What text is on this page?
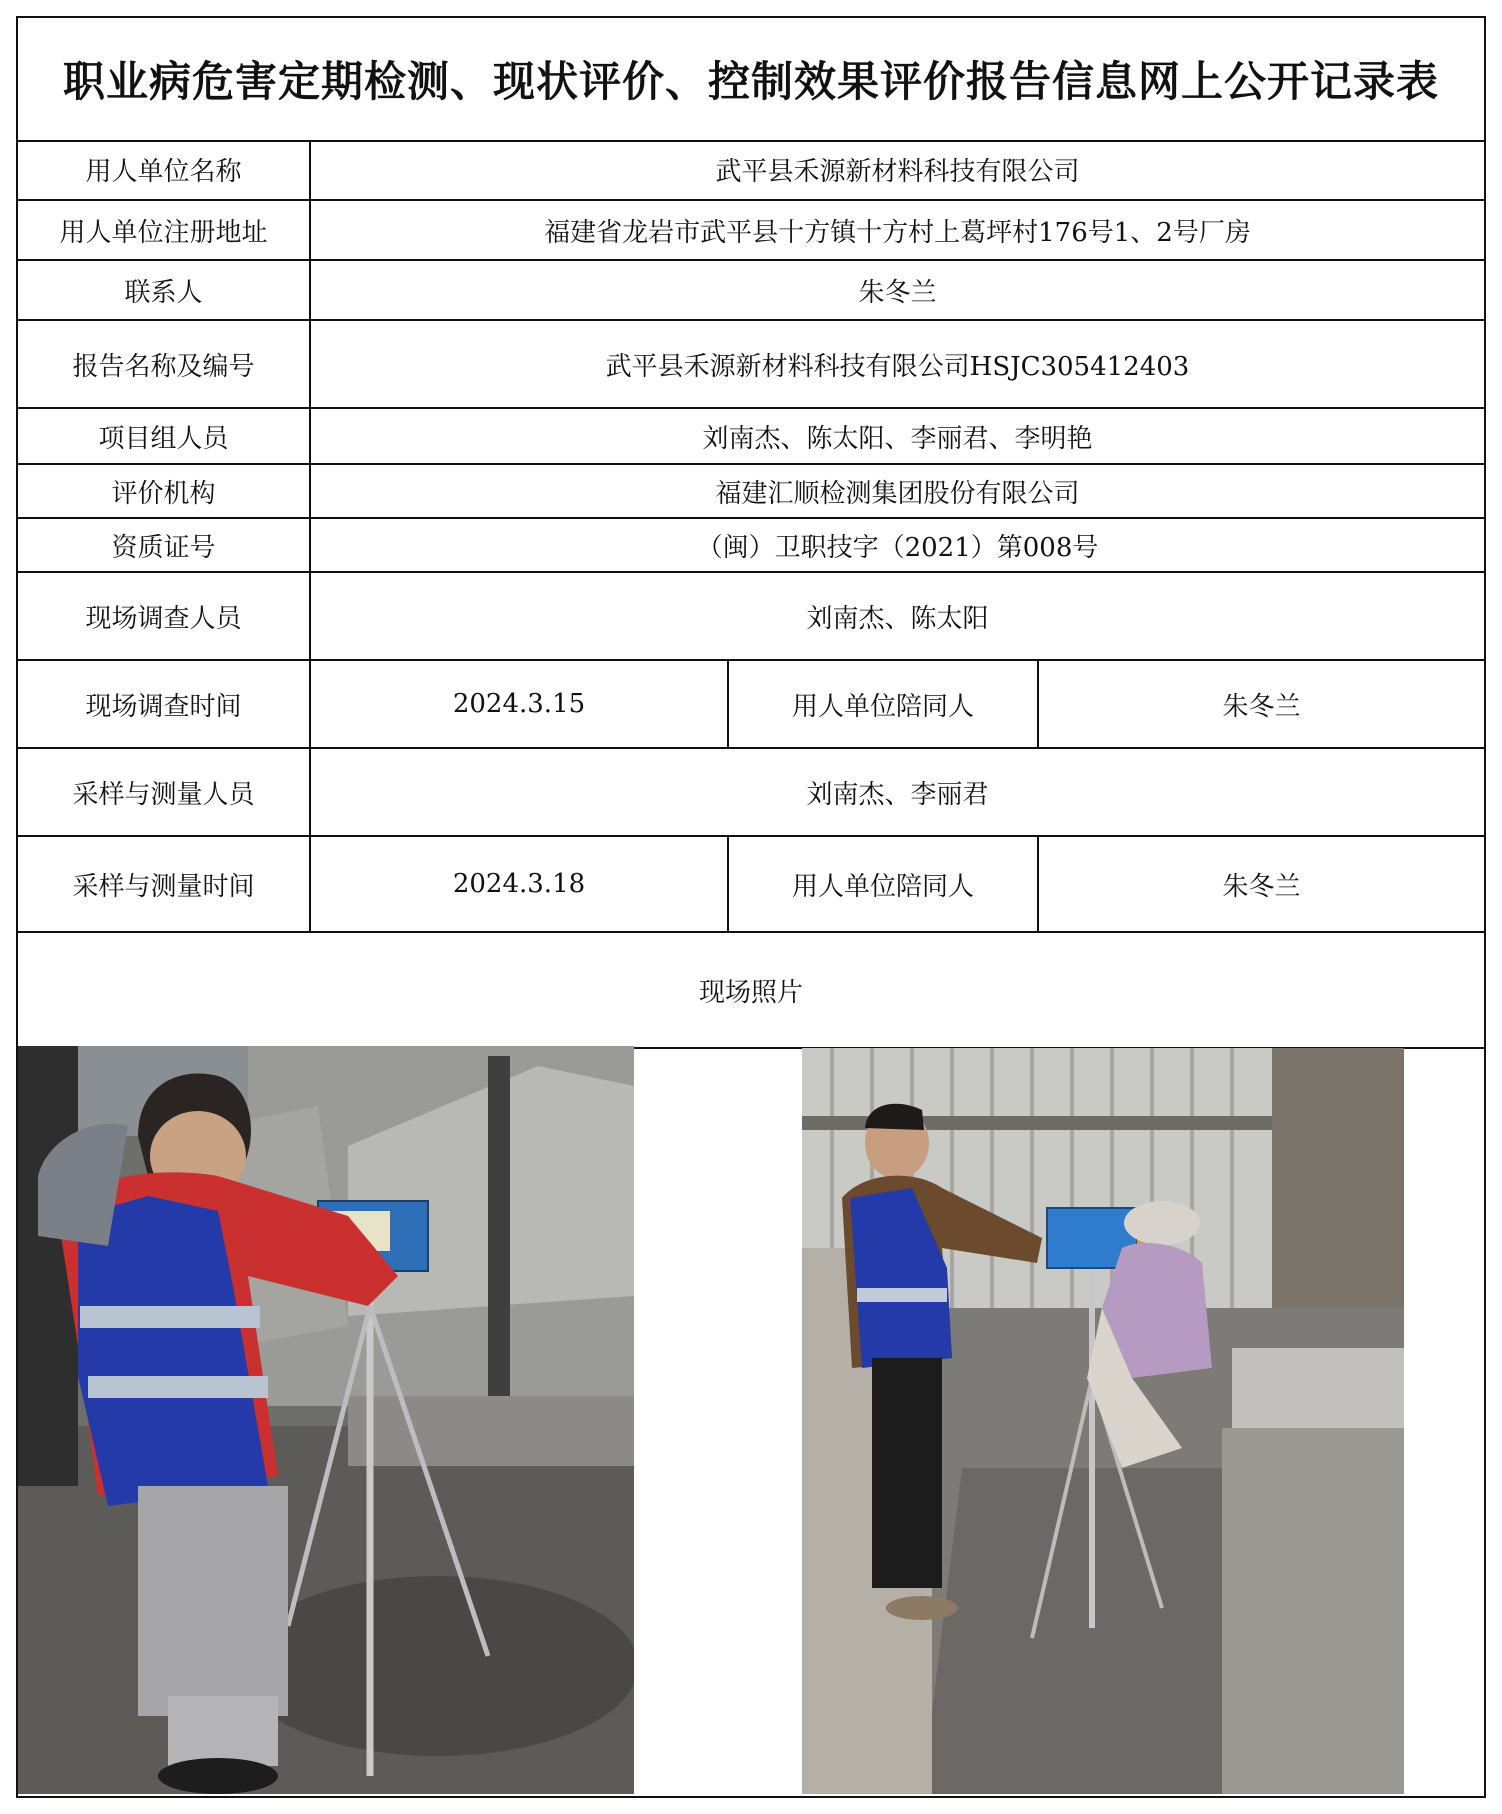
职业病危害定期检测、现状评价、控制效果评价报告信息网上公开记录表
用人单位名称	武平县禾源新材料科技有限公司		
用人单位注册地址	福建省龙岩市武平县十方镇十方村上葛坪村176号1、2号厂房		
联系人	朱冬兰		
报告名称及编号	武平县禾源新材料科技有限公司HSJC305412403		
项目组人员	刘南杰、陈太阳、李丽君、李明艳		
评价机构	福建汇顺检测集团股份有限公司		
资质证号	（闽）卫职技字（2021）第008号		
现场调查人员	刘南杰、陈太阳		
现场调查时间	2024.3.15	用人单位陪同人	朱冬兰
采样与测量人员	刘南杰、李丽君		
采样与测量时间	2024.3.18	用人单位陪同人	朱冬兰
现场照片			
